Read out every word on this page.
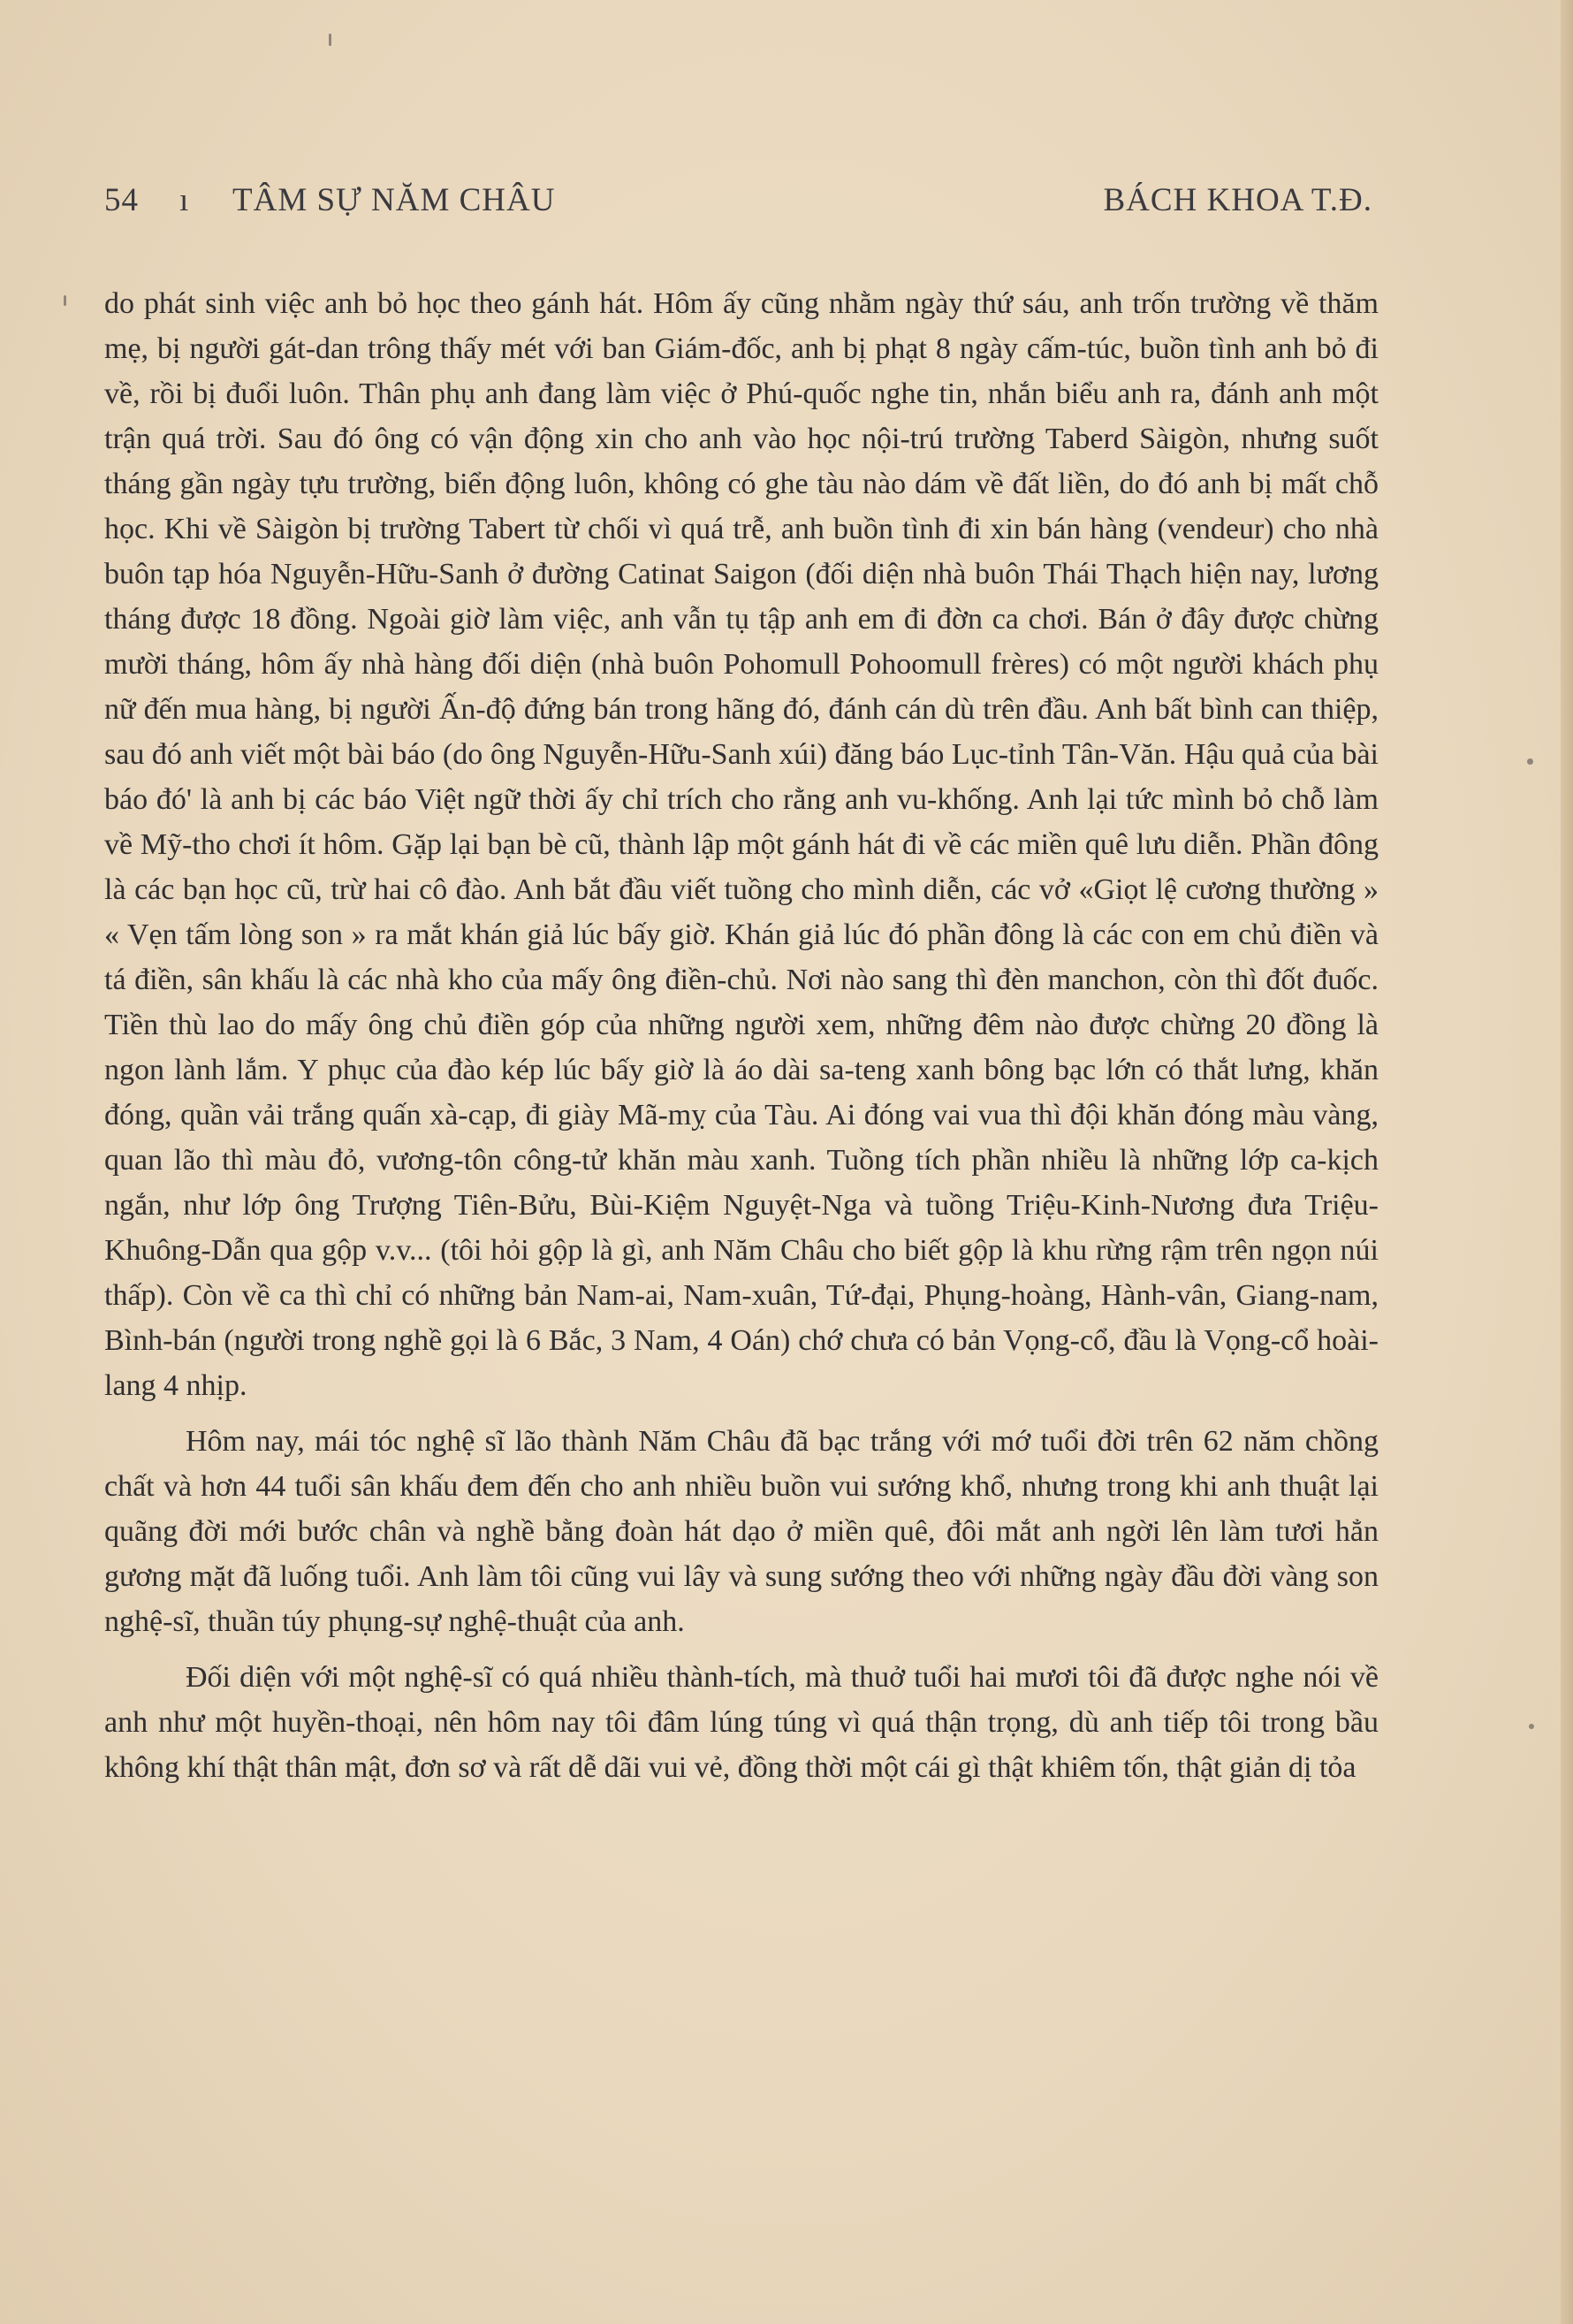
54 ı TÂM SỰ NĂM CHÂU	BÁCH KHOA T.Đ.

do phát sinh việc anh bỏ học theo gánh hát. Hôm ấy cũng nhằm ngày thứ sáu, anh trốn trường về thăm mẹ, bị người gát-dan trông thấy mét với ban Giám-đốc, anh bị phạt 8 ngày cấm-túc, buồn tình anh bỏ đi về, rồi bị đuổi luôn. Thân phụ anh đang làm việc ở Phú-quốc nghe tin, nhắn biểu anh ra, đánh anh một trận quá trời. Sau đó ông có vận động xin cho anh vào học nội-trú trường Taberd Sàigòn, nhưng suốt tháng gần ngày tựu trường, biển động luôn, không có ghe tàu nào dám về đất liền, do đó anh bị mất chỗ học. Khi về Sàigòn bị trường Tabert từ chối vì quá trễ, anh buồn tình đi xin bán hàng (vendeur) cho nhà buôn tạp hóa Nguyễn-Hữu-Sanh ở đường Catinat Saigon (đối diện nhà buôn Thái Thạch hiện nay, lương tháng được 18 đồng. Ngoài giờ làm việc, anh vẫn tụ tập anh em đi đờn ca chơi. Bán ở đây được chừng mười tháng, hôm ấy nhà hàng đối diện (nhà buôn Pohomull Pohoomull frères) có một người khách phụ nữ đến mua hàng, bị người Ấn-độ đứng bán trong hãng đó, đánh cán dù trên đầu. Anh bất bình can thiệp, sau đó anh viết một bài báo (do ông Nguyễn-Hữu-Sanh xúi) đăng báo Lục-tỉnh Tân-Văn. Hậu quả của bài báo đó' là anh bị các báo Việt ngữ thời ấy chỉ trích cho rằng anh vu-khống. Anh lại tức mình bỏ chỗ làm về Mỹ-tho chơi ít hôm. Gặp lại bạn bè cũ, thành lập một gánh hát đi về các miền quê lưu diễn. Phần đông là các bạn học cũ, trừ hai cô đào. Anh bắt đầu viết tuồng cho mình diễn, các vở «Giọt lệ cương thường » « Vẹn tấm lòng son » ra mắt khán giả lúc bấy giờ. Khán giả lúc đó phần đông là các con em chủ điền và tá điền, sân khấu là các nhà kho của mấy ông điền-chủ. Nơi nào sang thì đèn manchon, còn thì đốt đuốc. Tiền thù lao do mấy ông chủ điền góp của những người xem, những đêm nào được chừng 20 đồng là ngon lành lắm. Y phục của đào kép lúc bấy giờ là áo dài sa-teng xanh bông bạc lớn có thắt lưng, khăn đóng, quần vải trắng quấn xà-cạp, đi giày Mã-mỵ của Tàu. Ai đóng vai vua thì đội khăn đóng màu vàng, quan lão thì màu đỏ, vương-tôn công-tử khăn màu xanh. Tuồng tích phần nhiều là những lớp ca-kịch ngắn, như lớp ông Trượng Tiên-Bửu, Bùi-Kiệm Nguyệt-Nga và tuồng Triệu-Kinh-Nương đưa Triệu-Khuông-Dẫn qua gộp v.v... (tôi hỏi gộp là gì, anh Năm Châu cho biết gộp là khu rừng rậm trên ngọn núi thấp). Còn về ca thì chỉ có những bản Nam-ai, Nam-xuân, Tứ-đại, Phụng-hoàng, Hành-vân, Giang-nam, Bình-bán (người trong nghề gọi là 6 Bắc, 3 Nam, 4 Oán) chớ chưa có bản Vọng-cổ, đầu là Vọng-cổ hoài-lang 4 nhịp.

Hôm nay, mái tóc nghệ sĩ lão thành Năm Châu đã bạc trắng với mớ tuổi đời trên 62 năm chồng chất và hơn 44 tuổi sân khấu đem đến cho anh nhiều buồn vui sướng khổ, nhưng trong khi anh thuật lại quãng đời mới bước chân và nghề bằng đoàn hát dạo ở miền quê, đôi mắt anh ngời lên làm tươi hẳn gương mặt đã luống tuổi. Anh làm tôi cũng vui lây và sung sướng theo với những ngày đầu đời vàng son nghệ-sĩ, thuần túy phụng-sự nghệ-thuật của anh.

Đối diện với một nghệ-sĩ có quá nhiều thành-tích, mà thuở tuổi hai mươi tôi đã được nghe nói về anh như một huyền-thoại, nên hôm nay tôi đâm lúng túng vì quá thận trọng, dù anh tiếp tôi trong bầu không khí thật thân mật, đơn sơ và rất dễ dãi vui vẻ, đồng thời một cái gì thật khiêm tốn, thật giản dị tỏa
